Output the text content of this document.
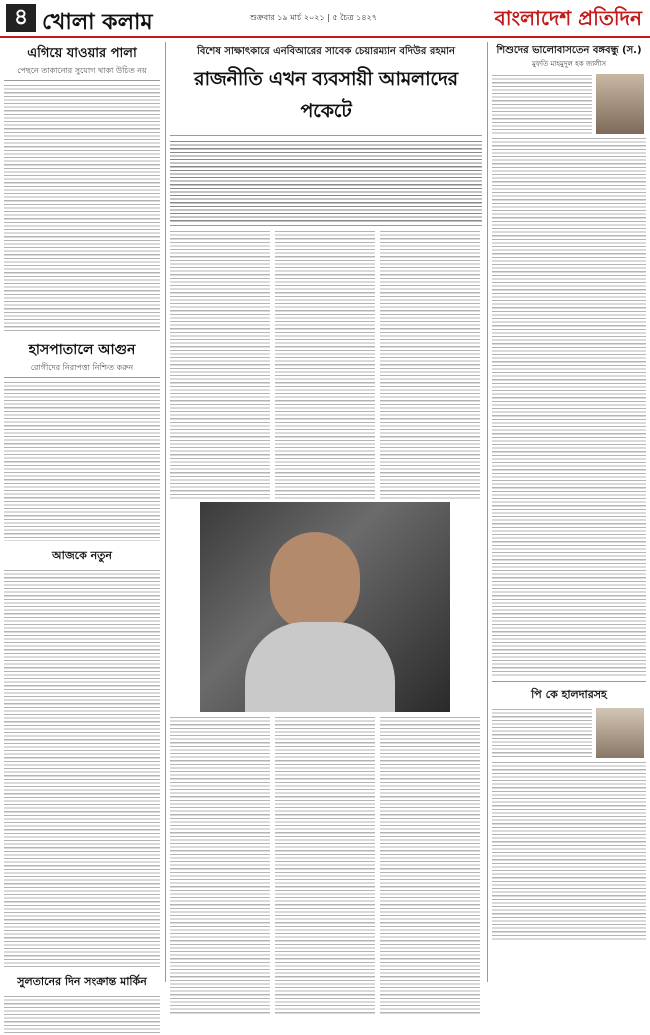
৪ খোলা কলাম	শুক্রবার ১৯ মার্চ ২০২১ | ৫ চৈত্র ১৪২৭	বাংলাদেশ প্রতিদিন
এগিয়ে যাওয়ার পালা
পেছনে তাকানোর সুযোগ থাকা উচিত নয়
হাসপাতালে আগুন
রোগীদের নিরাপত্তা নিশ্চিত করুন
আজকে নতুন
সুলতানের দিন সংক্রান্ত মার্কিন
বিশেষ সাক্ষাৎকারে এনবিআরের সাবেক চেয়ারম্যান বদিউর রহমান
রাজনীতি এখন ব্যবসায়ী আমলাদের পকেটে
শিশুদের ভালোবাসতেন বঙ্গবন্ধু (স.)
মুফতি মাহমুদুল হক জালীস
পি কে হালদারসহ
